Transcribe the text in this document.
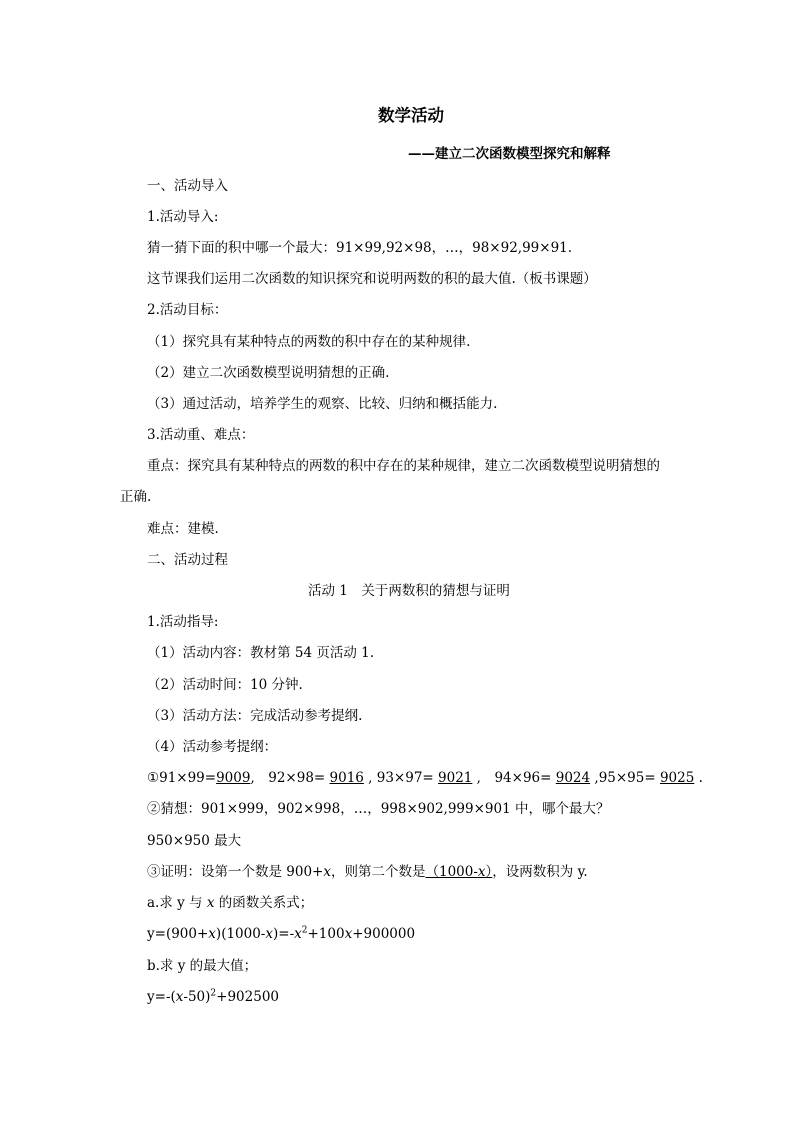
数学活动
——建立二次函数模型探究和解释
一、活动导入
1.活动导入:
猜一猜下面的积中哪一个最大：91×99,92×98，…，98×92,99×91.
这节课我们运用二次函数的知识探究和说明两数的积的最大值.（板书课题）
2.活动目标：
（1）探究具有某种特点的两数的积中存在的某种规律.
（2）建立二次函数模型说明猜想的正确.
（3）通过活动，培养学生的观察、比较、归纳和概括能力.
3.活动重、难点：
重点：探究具有某种特点的两数的积中存在的某种规律，建立二次函数模型说明猜想的
正确.
难点：建模.
二、活动过程
活动 1　关于两数积的猜想与证明
1.活动指导:
（1）活动内容：教材第 54 页活动 1.
（2）活动时间：10 分钟.
（3）活动方法：完成活动参考提纲.
（4）活动参考提纲：
①91×99=9009,　92×98= 9016 , 93×97= 9021 ,　94×96= 9024 ,95×95= 9025 .
②猜想：901×999，902×998，…，998×902,999×901 中，哪个最大？
950×950 最大
③证明：设第一个数是 900+x，则第二个数是（1000-x），设两数积为 y.
a.求 y 与 x 的函数关系式；
$y=(900+x)(1000-x)=-x^2+100x+900000$
b.求 y 的最大值；
$y=-(x-50)^2+902500$
